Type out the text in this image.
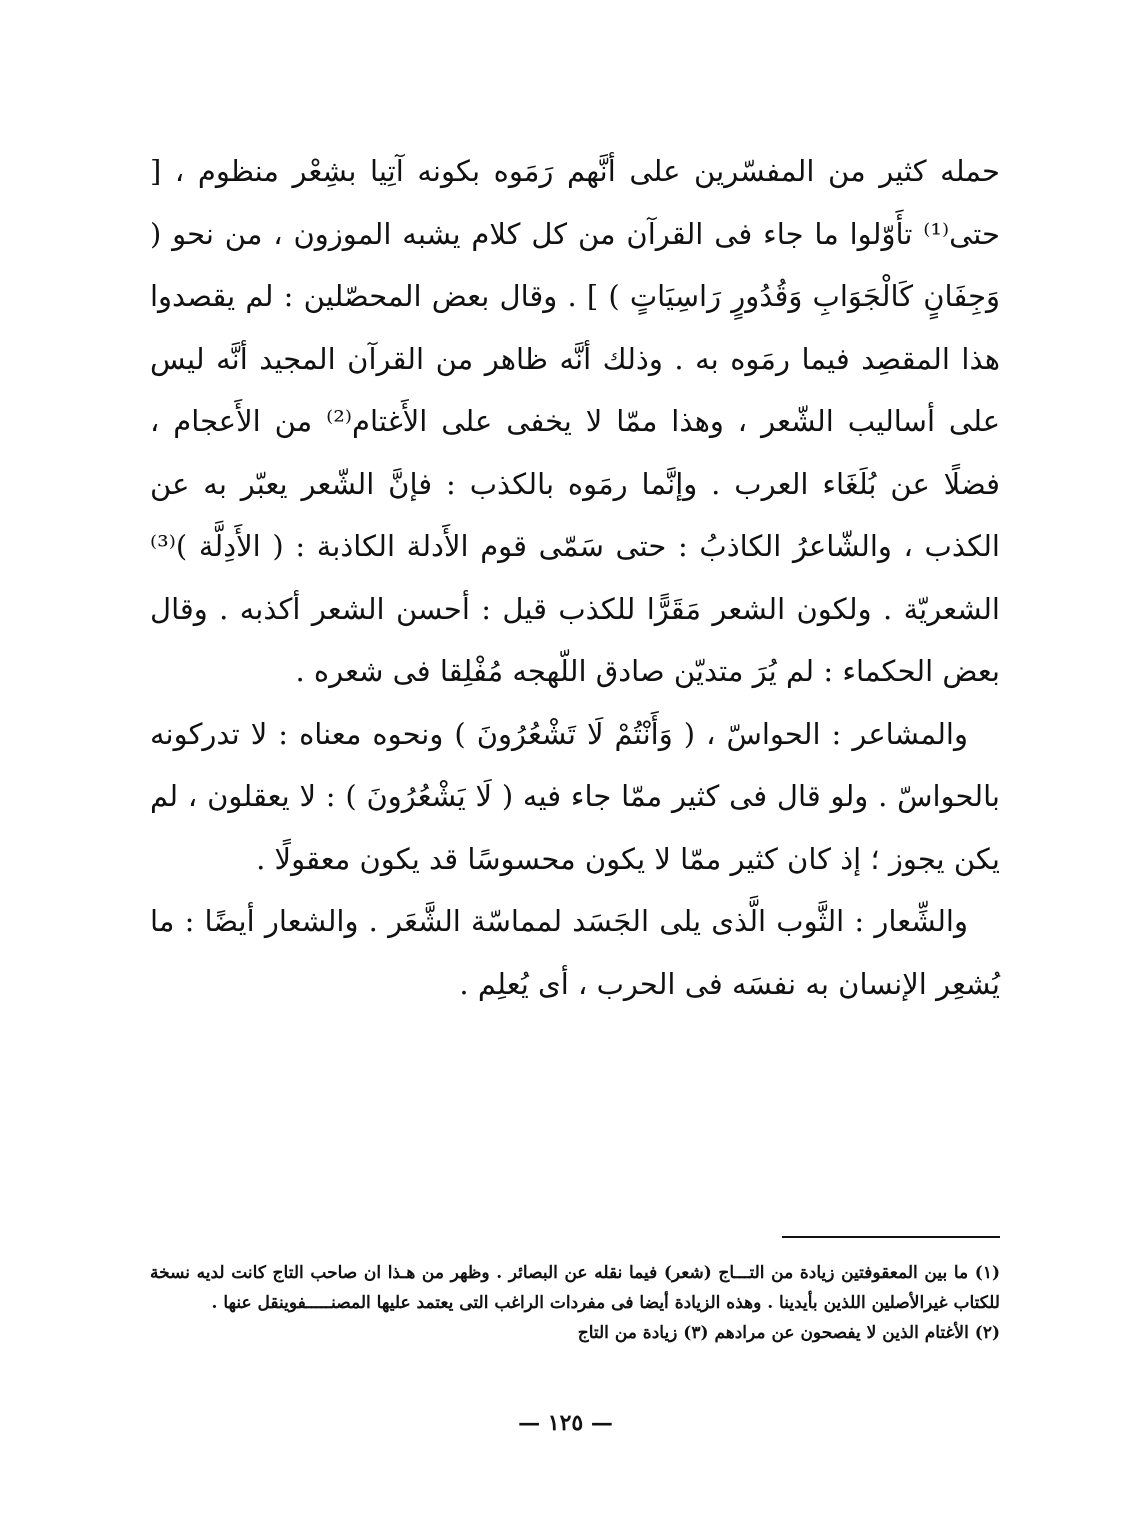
حمله كثير من المفسّرين على أنَّهم رَمَوه بكونه آتِيا بشِعْر منظوم ، [ حتى⁽¹⁾ تأَوّلوا ما جاء فى القرآن من كل كلام يشبه الموزون ، من نحو ( وَجِفَانٍ كَالْجَوَابِ وَقُدُورٍ رَاسِيَاتٍ ) ] . وقال بعض المحصّلين : لم يقصدوا هذا المقصِد فيما رمَوه به . وذلك أنَّه ظاهر من القرآن المجيد أنَّه ليس على أساليب الشّعر ، وهذا ممّا لا يخفى على الأَغتام⁽²⁾ من الأَعجام ، فضلًا عن بُلَغَاء العرب . وإنَّما رمَوه بالكذب : فإنَّ الشّعر يعبّر به عن الكذب ، والشّاعرُ الكاذبُ : حتى سَمّى قوم الأَدلة الكاذبة : ( الأَدِلَّة )⁽³⁾ الشعريّة . ولكون الشعر مَقَرًّا للكذب قيل : أحسن الشعر أكذبه . وقال بعض الحكماء : لم يُرَ متديّن صادق اللّهجه مُفْلِقا فى شعره .

والمشاعر : الحواسّ ، ( وَأَنْتُمْ لَا تَشْعُرُونَ ) ونحوه معناه : لا تدركونه بالحواسّ . ولو قال فى كثير ممّا جاء فيه ( لَا يَشْعُرُونَ ) : لا يعقلون ، لم يكن يجوز ؛ إذ كان كثير ممّا لا يكون محسوسًا قد يكون معقولًا .

والشِّعار : الثَّوب الَّذى يلى الجَسَد لمماسّة الشَّعَر . والشعار أيضًا : ما يُشعِر الإنسان به نفسَه فى الحرب ، أى يُعلِم .

(١) ما بين المعقوفتين زيادة من التـــاج (شعر) فيما نقله عن البصائر . وظهر من هـذا ان صاحب التاج كانت لديه نسخة للكتاب غيرالأصلين اللذين بأيدينا . وهذه الزيادة أيضا فى مفردات الراغب التى يعتمد عليها المصنـــــفوينقل عنها .

(٢) الأغتام الذين لا يفصحون عن مرادهم (٣) زيادة من التاج

— ١٢٥ —
